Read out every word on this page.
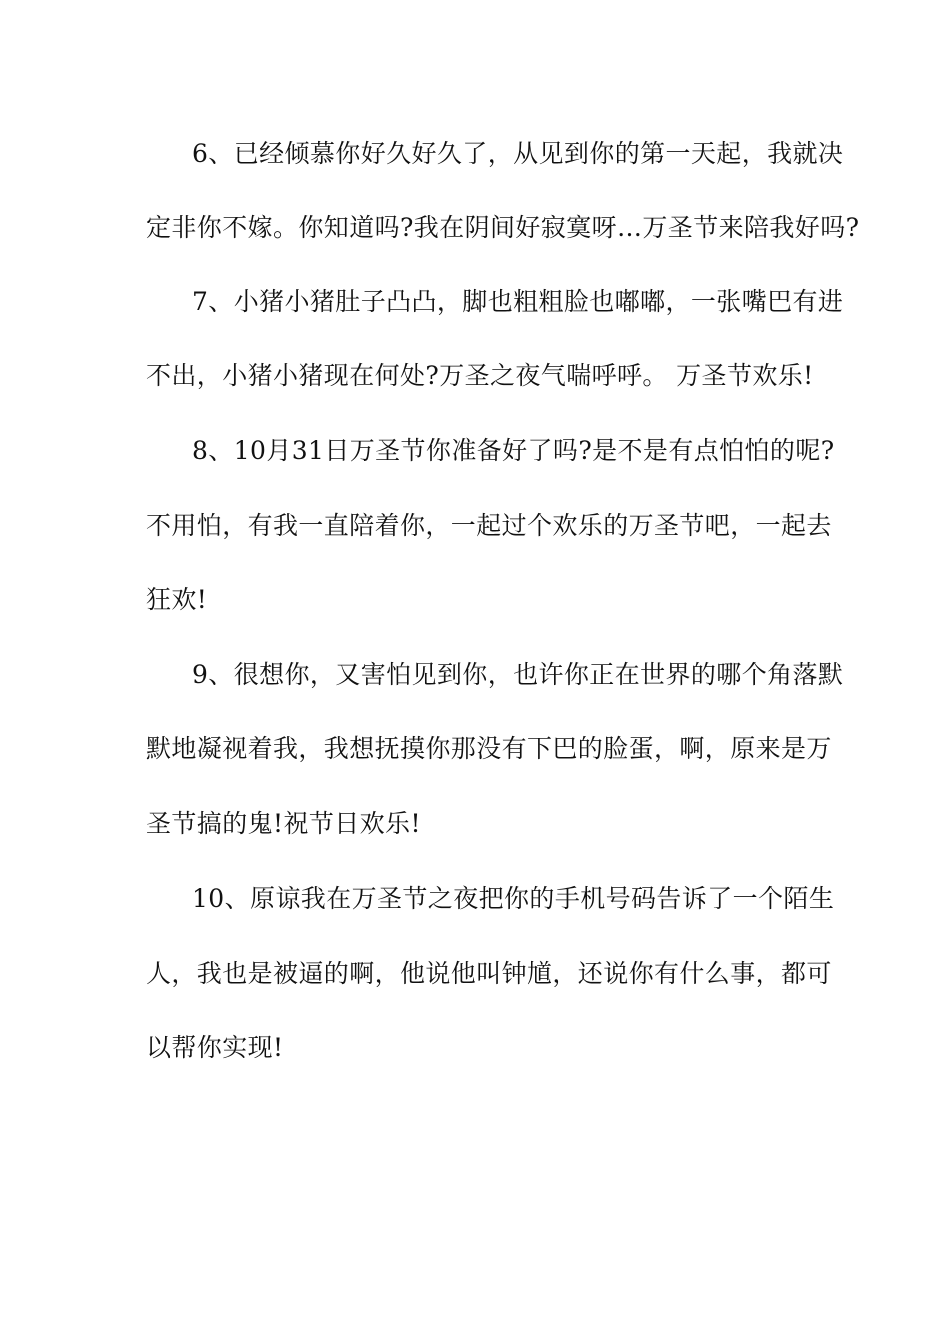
6、已经倾慕你好久好久了，从见到你的第一天起，我就决
定非你不嫁。你知道吗?我在阴间好寂寞呀…万圣节来陪我好吗?
7、小猪小猪肚子凸凸，脚也粗粗脸也嘟嘟，一张嘴巴有进
不出，小猪小猪现在何处?万圣之夜气喘呼呼。 万圣节欢乐!
8、10月31日万圣节你准备好了吗?是不是有点怕怕的呢?
不用怕，有我一直陪着你，一起过个欢乐的万圣节吧，一起去
狂欢!
9、很想你，又害怕见到你，也许你正在世界的哪个角落默
默地凝视着我，我想抚摸你那没有下巴的脸蛋，啊，原来是万
圣节搞的鬼!祝节日欢乐!
10、原谅我在万圣节之夜把你的手机号码告诉了一个陌生
人，我也是被逼的啊，他说他叫钟馗，还说你有什么事，都可
以帮你实现!
